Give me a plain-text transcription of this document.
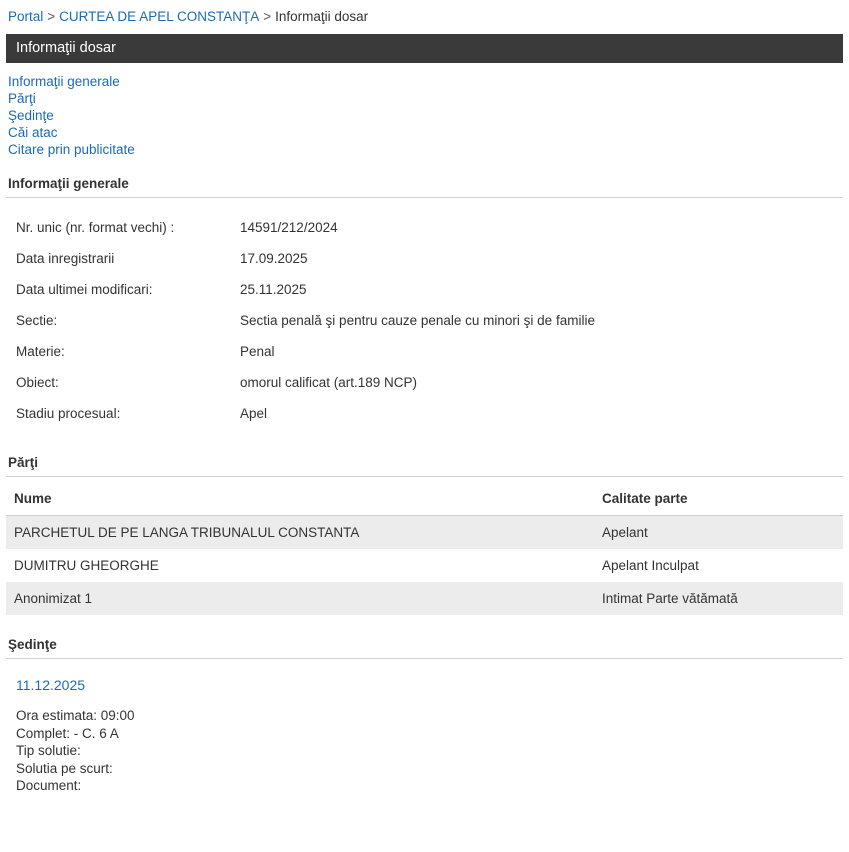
Portal > CURTEA DE APEL CONSTANŢA > Informaţii dosar
Informaţii dosar
Informaţii generale
Părţi
Şedinţe
Căi atac
Citare prin publicitate
Informaţii generale
Nr. unic (nr. format vechi) :	14591/212/2024
Data inregistrarii	17.09.2025
Data ultimei modificari:	25.11.2025
Sectie:	Sectia penală şi pentru cauze penale cu minori şi de familie
Materie:	Penal
Obiect:	omorul calificat (art.189 NCP)
Stadiu procesual:	Apel
Părţi
Nume	Calitate parte
PARCHETUL DE PE LANGA TRIBUNALUL CONSTANTA	Apelant
DUMITRU GHEORGHE	Apelant Inculpat
Anonimizat 1	Intimat Parte vătămată
Şedinţe
11.12.2025
Ora estimata: 09:00
Complet: - C. 6 A
Tip solutie:
Solutia pe scurt:
Document:
